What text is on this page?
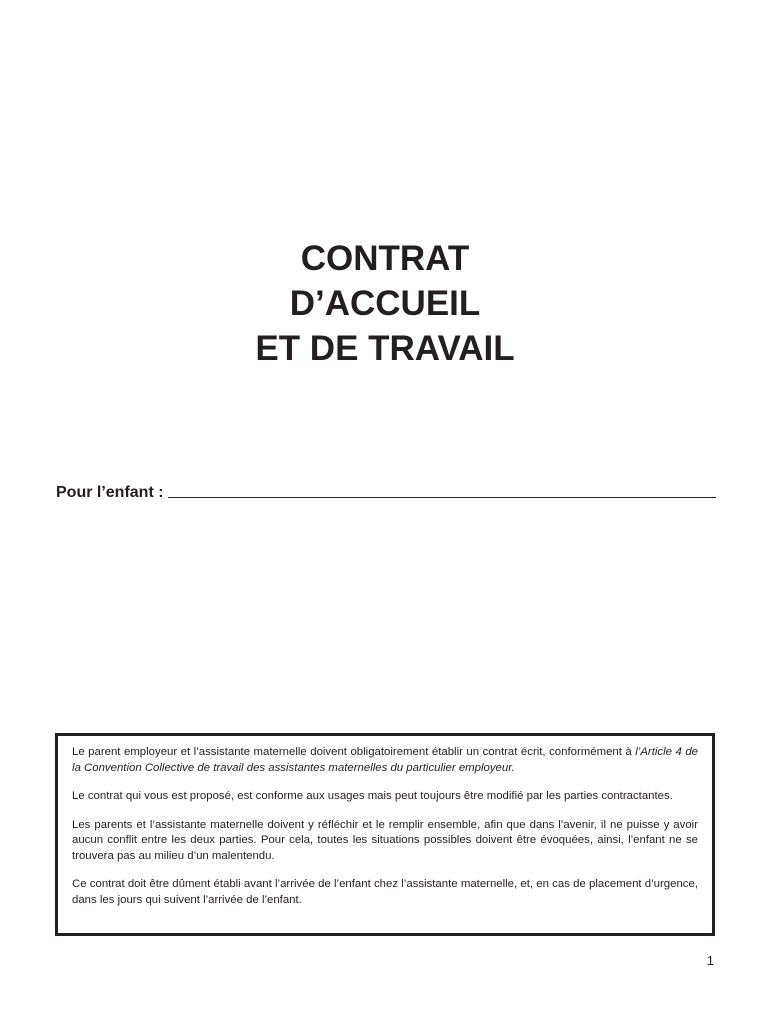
CONTRAT
D’ACCUEIL
ET DE TRAVAIL
Pour l’enfant :

Le parent employeur et l’assistante maternelle doivent obligatoirement établir un contrat écrit, conformément à l’Article 4 de la Convention Collective de travail des assistantes maternelles du particulier employeur.

Le contrat qui vous est proposé, est conforme aux usages mais peut toujours être modifié par les parties contractantes.

Les parents et l’assistante maternelle doivent y réfléchir et le remplir ensemble, afin que dans l’avenir, il ne puisse y avoir aucun conflit entre les deux parties. Pour cela, toutes les situations possibles doivent être évoquées, ainsi, l’enfant ne se trouvera pas au milieu d’un malentendu.

Ce contrat doit être dûment établi avant l’arrivée de l’enfant chez l’assistante maternelle, et, en cas de placement d’urgence, dans les jours qui suivent l’arrivée de l’enfant.

1
